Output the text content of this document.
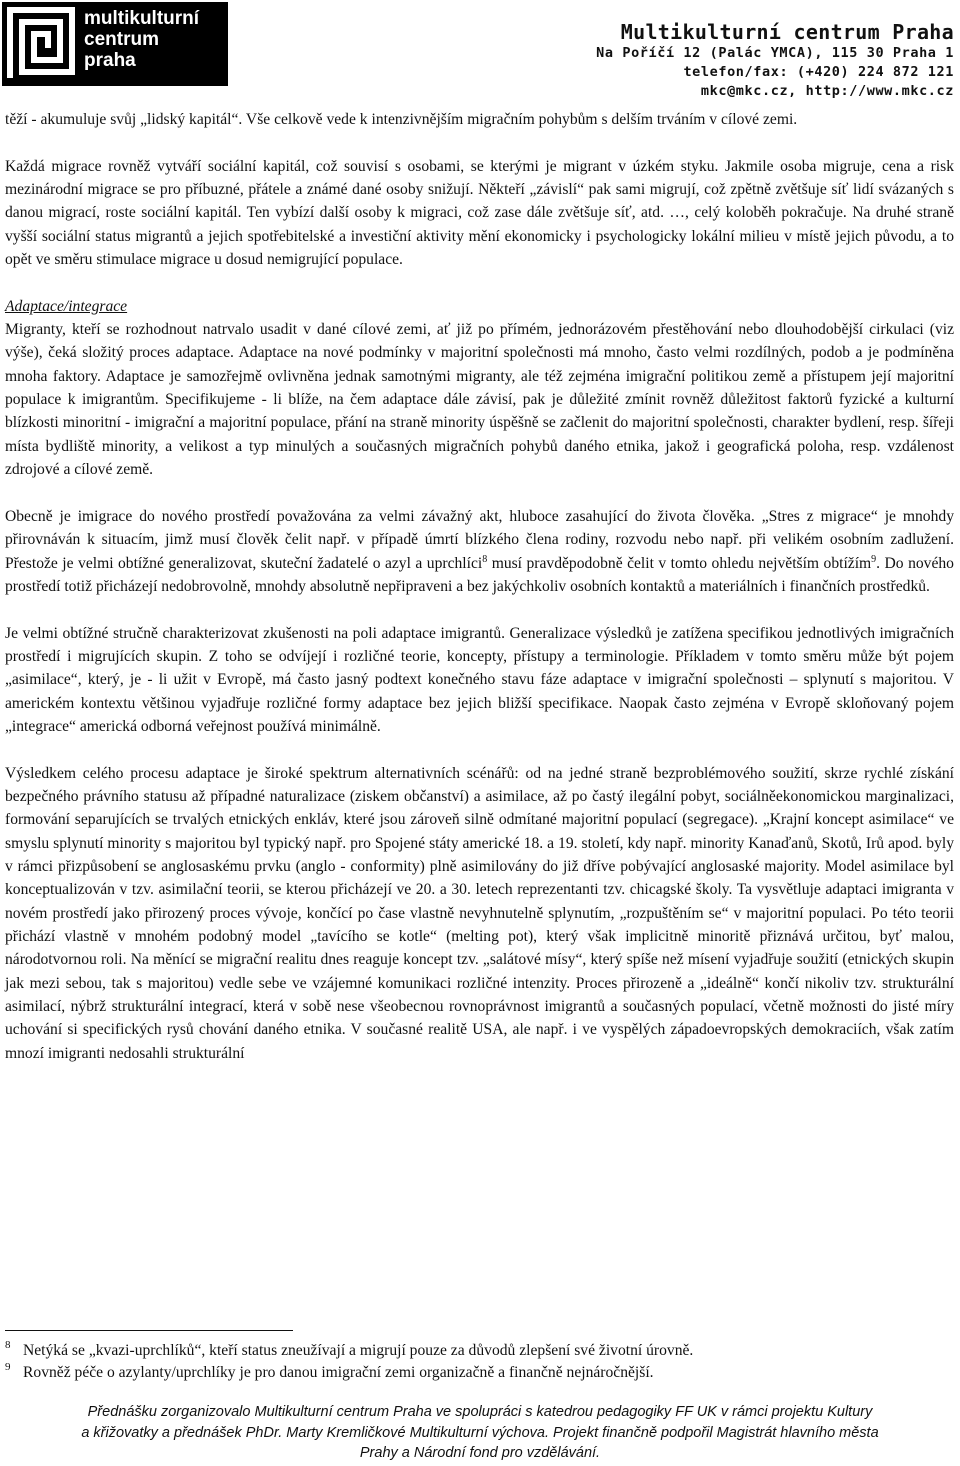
multikulturní
centrum
praha
Multikulturní centrum Praha
Na Poříčí 12 (Palác YMCA), 115 30 Praha 1
telefon/fax: (+420) 224 872 121
mkc@mkc.cz, http://www.mkc.cz

těží - akumuluje svůj „lidský kapitál“. Vše celkově vede k intenzivnějším migračním pohybům s delším trváním v cílové zemi.

Každá migrace rovněž vytváří sociální kapitál, což souvisí s osobami, se kterými je migrant v úzkém styku. Jakmile osoba migruje, cena a risk mezinárodní migrace se pro příbuzné, přátele a známé dané osoby snižují. Někteří „závislí“ pak sami migrují, což zpětně zvětšuje síť lidí svázaných s danou migrací, roste sociální kapitál. Ten vybízí další osoby k migraci, což zase dále zvětšuje síť, atd. …, celý koloběh pokračuje. Na druhé straně vyšší sociální status migrantů a jejich spotřebitelské a investiční aktivity mění ekonomicky i psychologicky lokální milieu v místě jejich původu, a to opět ve směru stimulace migrace u dosud nemigrující populace.

Adaptace/integrace

Migranty, kteří se rozhodnout natrvalo usadit v dané cílové zemi, ať již po přímém, jednorázovém přestěhování nebo dlouhodobější cirkulaci (viz výše), čeká složitý proces adaptace. Adaptace na nové podmínky v majoritní společnosti má mnoho, často velmi rozdílných, podob a je podmíněna mnoha faktory. Adaptace je samozřejmě ovlivněna jednak samotnými migranty, ale též zejména imigrační politikou země a přístupem její majoritní populace k imigrantům. Specifikujeme - li blíže, na čem adaptace dále závisí, pak je důležité zmínit rovněž důležitost faktorů fyzické a kulturní blízkosti minoritní - imigrační a majoritní populace, přání na straně minority úspěšně se začlenit do majoritní společnosti, charakter bydlení, resp. šířeji místa bydliště minority, a velikost a typ minulých a současných migračních pohybů daného etnika, jakož i geografická poloha, resp. vzdálenost zdrojové a cílové země.

Obecně je imigrace do nového prostředí považována za velmi závažný akt, hluboce zasahující do života člověka. „Stres z migrace“ je mnohdy přirovnáván k situacím, jimž musí člověk čelit např. v případě úmrtí blízkého člena rodiny, rozvodu nebo např. při velikém osobním zadlužení. Přestože je velmi obtížné generalizovat, skuteční žadatelé o azyl a uprchlíci$^8$ musí pravděpodobně čelit v tomto ohledu největším obtížím$^9$. Do nového prostředí totiž přicházejí nedobrovolně, mnohdy absolutně nepřipraveni a bez jakýchkoliv osobních kontaktů a materiálních i finančních prostředků.

Je velmi obtížné stručně charakterizovat zkušenosti na poli adaptace imigrantů. Generalizace výsledků je zatížena specifikou jednotlivých imigračních prostředí i migrujících skupin. Z toho se odvíjejí i rozličné teorie, koncepty, přístupy a terminologie. Příkladem v tomto směru může být pojem „asimilace“, který, je - li užit v Evropě, má často jasný podtext konečného stavu fáze adaptace v imigrační společnosti – splynutí s majoritou. V americkém kontextu většinou vyjadřuje rozličné formy adaptace bez jejich bližší specifikace. Naopak často zejména v Evropě skloňovaný pojem „integrace“ americká odborná veřejnost používá minimálně.

Výsledkem celého procesu adaptace je široké spektrum alternativních scénářů: od na jedné straně bezproblémového soužití, skrze rychlé získání bezpečného právního statusu až případné naturalizace (ziskem občanství) a asimilace, až po častý ilegální pobyt, sociálněekonomickou marginalizaci, formování separujících se trvalých etnických enkláv, které jsou zároveň silně odmítané majoritní populací (segregace). „Krajní koncept asimilace“ ve smyslu splynutí minority s majoritou byl typický např. pro Spojené státy americké 18. a 19. století, kdy např. minority Kanaďanů, Skotů, Irů apod. byly v rámci přizpůsobení se anglosaskému prvku (anglo - conformity) plně asimilovány do již dříve pobývající anglosaské majority. Model asimilace byl konceptualizován v tzv. asimilační teorii, se kterou přicházejí ve 20. a 30. letech reprezentanti tzv. chicagské školy. Ta vysvětluje adaptaci imigranta v novém prostředí jako přirozený proces vývoje, končící po čase vlastně nevyhnutelně splynutím, „rozpuštěním se“ v majoritní populaci. Po této teorii přichází vlastně v mnohém podobný model „tavícího se kotle“ (melting pot), který však implicitně minoritě přiznává určitou, byť malou, národotvornou roli. Na měnící se migrační realitu dnes reaguje koncept tzv. „salátové mísy“, který spíše než mísení vyjadřuje soužití (etnických skupin jak mezi sebou, tak s majoritou) vedle sebe ve vzájemné komunikaci rozličné intenzity. Proces přirozeně a „ideálně“ končí nikoliv tzv. strukturální asimilací, nýbrž strukturální integrací, která v sobě nese všeobecnou rovnoprávnost imigrantů a současných populací, včetně možnosti do jisté míry uchování si specifických rysů chování daného etnika. V současné realitě USA, ale např. i ve vyspělých západoevropských demokraciích, však zatím mnozí imigranti nedosahli strukturální

8 Netýká se „kvazi-uprchlíků“, kteří status zneužívají a migrují pouze za důvodů zlepšení své životní úrovně.
9 Rovněž péče o azylanty/uprchlíky je pro danou imigrační zemi organizačně a finančně nejnáročnější.
Přednášku zorganizovalo Multikulturní centrum Praha ve spolupráci s katedrou pedagogiky FF UK v rámci projektu Kultury
a křižovatky a přednášek PhDr. Marty Kremličkové Multikulturní výchova. Projekt finančně podpořil Magistrát hlavního města
Prahy a Národní fond pro vzdělávání.
